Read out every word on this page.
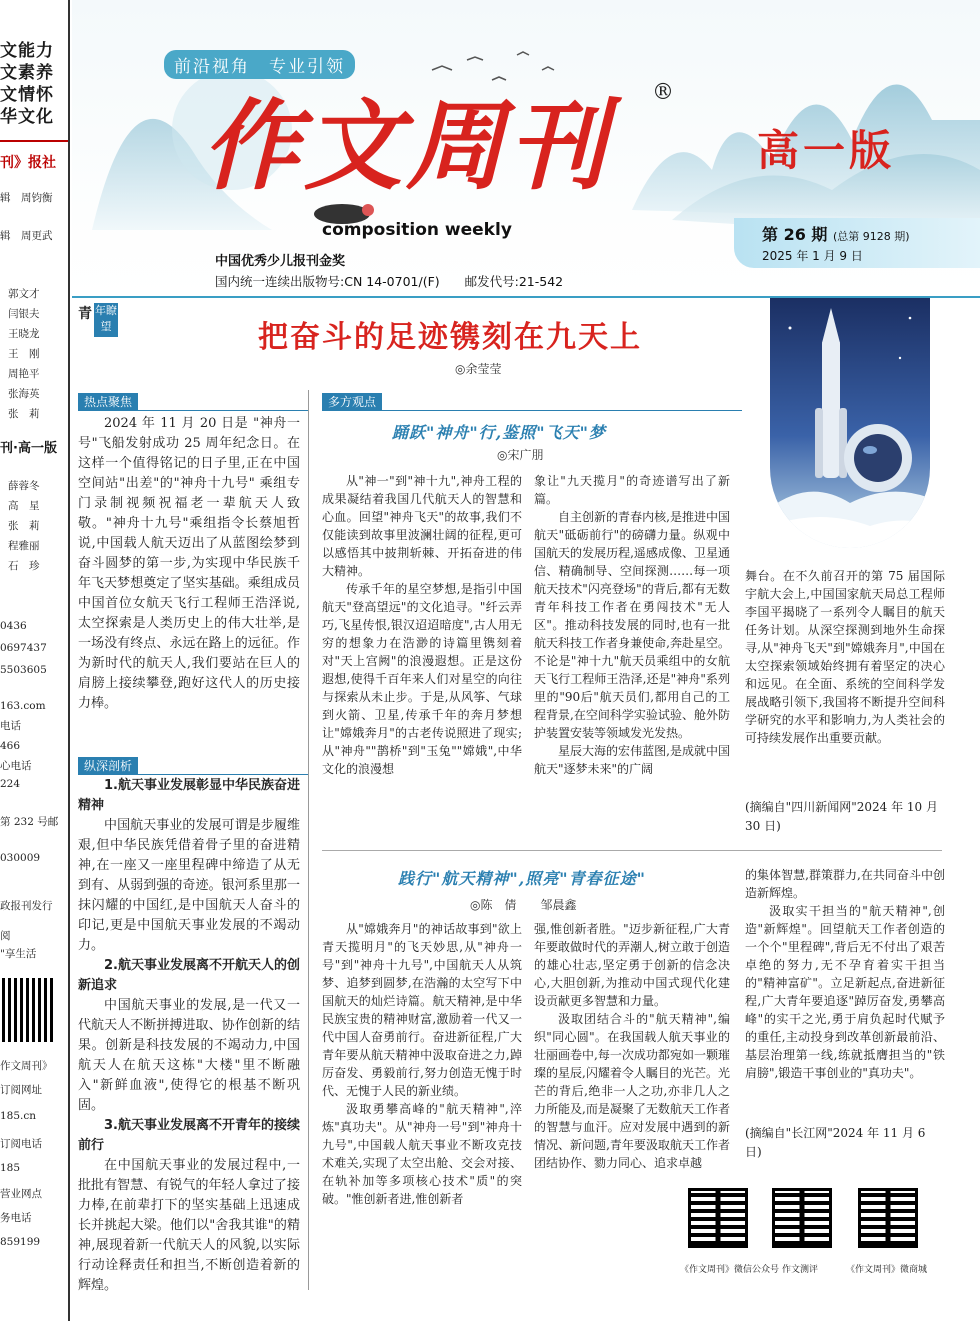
文能力
文素养
文情怀
华文化
刊》报社
辑　周钧衡
辑　周更武
0436
0697437
5503605
163.com
电话
466
心电话
224
第 232 号邮
030009
政报刊发行
阅
"享生活
作文周刊》
订阅网址
185.cn
订阅电话
185
营业网点
务电话
859199
郭文才
闫银夫
王晓龙
王　刚
周艳平
张海英
张　莉
刊·高一版
薛蓉冬
高　星
张　莉
程雅丽
石　珍
前沿视角　专业引领
作文周刊 ®
高一版
composition weekly
中国优秀少儿报刊金奖
国内统一连续出版物号:CN 14-0701/(F)　　邮发代号:21-542
第 26 期 (总第 9128 期)
2025 年 1 月 9 日
青 年瞭望	把奋斗的足迹镌刻在九天上
◎余莹莹
热点聚焦

2024 年 11 月 20 日是 "神舟一号"飞船发射成功 25 周年纪念日。在这样一个值得铭记的日子里,正在中国空间站"出差"的"神舟十九号" 乘组专门录制视频祝福老一辈航天人致敬。"神舟十九号"乘组指令长蔡旭哲说,中国载人航天迈出了从蓝图绘梦到奋斗圆梦的第一步,为实现中华民族千年飞天梦想奠定了坚实基础。乘组成员中国首位女航天飞行工程师王浩泽说,太空探索是人类历史上的伟大壮举,是一场没有终点、永远在路上的远征。作为新时代的航天人,我们要站在巨人的肩膀上接续攀登,跑好这代人的历史接力棒。

纵深剖析
1.航天事业发展彰显中华民族奋进精神

中国航天事业的发展可谓是步履维艰,但中华民族凭借着骨子里的奋进精神,在一座又一座里程碑中缔造了从无到有、从弱到强的奇迹。银河系里那一抹闪耀的中国红,是中国航天人奋斗的印记,更是中国航天事业发展的不竭动力。

2.航天事业发展离不开航天人的创新追求

中国航天事业的发展,是一代又一代航天人不断拼搏进取、协作创新的结果。创新是科技发展的不竭动力,中国航天人在航天这栋"大楼"里不断融入"新鲜血液",使得它的根基不断巩固。

3.航天事业发展离不开青年的接续前行

在中国航天事业的发展过程中,一批批有智慧、有锐气的年轻人拿过了接力棒,在前辈打下的坚实基础上迅速成长并挑起大梁。他们以"舍我其谁"的精神,展现着新一代航天人的风貌,以实际行动诠释责任和担当,不断创造着新的辉煌。

多方观点
踊跃"神舟"行,鉴照"飞天"梦
◎宋广朋

从"神一"到"神十九",神舟工程的成果凝结着我国几代航天人的智慧和心血。回望"神舟飞天"的故事,我们不仅能读到故事里波澜壮阔的征程,更可以感悟其中披荆斩棘、开拓奋进的伟大精神。

传承千年的星空梦想,是指引中国航天"登高望远"的文化追寻。"纤云弄巧,飞星传恨,银汉迢迢暗度",古人用无穷的想象力在浩渺的诗篇里镌刻着对"天上宫阙"的浪漫遐想。正是这份遐想,使得千百年来人们对星空的向往与探索从未止步。于是,从风筝、气球到火箭、卫星,传承千年的奔月梦想让"嫦娥奔月"的古老传说照进了现实;从"神舟""鹊桥"到"玉兔""嫦娥",中华文化的浪漫想

象让"九天揽月"的奇迹谱写出了新篇。

自主创新的青春内核,是推进中国航天"砥砺前行"的磅礴力量。纵观中国航天的发展历程,遥感成像、卫星通信、精确制导、空间探测……每一项航天技术"闪亮登场"的背后,都有无数青年科技工作者在勇闯技术"无人区"。推动科技发展的同时,也有一批航天科技工作者身兼使命,奔赴星空。不论是"神十九"航天员乘组中的女航天飞行工程师王浩泽,还是"神舟"系列里的"90后"航天员们,都用自己的工程背景,在空间科学实验试验、舱外防护装置安装等领域发光发热。

星辰大海的宏伟蓝图,是成就中国航天"逐梦未来"的广阔

舞台。在不久前召开的第 75 届国际宇航大会上,中国国家航天局总工程师李国平揭晓了一系列令人瞩目的航天任务计划。从深空探测到地外生命探寻,从"神舟飞天"到"嫦娥奔月",中国在太空探索领域始终拥有着坚定的决心和远见。在全面、系统的空间科学发展战略引领下,我国将不断提升空间科学研究的水平和影响力,为人类社会的可持续发展作出重要贡献。

(摘编自"四川新闻网"2024 年 10 月 30 日)
践行"航天精神",照亮"青春征途"
◎陈　倩　　邹晨鑫

从"嫦娥奔月"的神话故事到"欲上青天揽明月"的飞天妙思,从"神舟一号"到"神舟十九号",中国航天人从筑梦、追梦到圆梦,在浩瀚的太空写下中国航天的灿烂诗篇。航天精神,是中华民族宝贵的精神财富,激励着一代又一代中国人奋勇前行。奋进新征程,广大青年要从航天精神中汲取奋进之力,踔厉奋发、勇毅前行,努力创造无愧于时代、无愧于人民的新业绩。

汲取勇攀高峰的"航天精神",淬炼"真功夫"。从"神舟一号"到"神舟十九号",中国载人航天事业不断攻克技术难关,实现了太空出舱、交会对接、在轨补加等多项核心技术"质"的突破。"惟创新者进,惟创新者

强,惟创新者胜。"迈步新征程,广大青年要敢做时代的弄潮人,树立敢于创造的雄心壮志,坚定勇于创新的信念决心,大胆创新,为推动中国式现代化建设贡献更多智慧和力量。

汲取团结合斗的"航天精神",编织"同心圆"。在我国载人航天事业的壮丽画卷中,每一次成功都宛如一颗璀璨的星辰,闪耀着令人瞩目的光芒。光芒的背后,绝非一人之功,亦非几人之力所能及,而是凝聚了无数航天工作者的智慧与血汗。应对发展中遇到的新情况、新问题,青年要汲取航天工作者团结协作、勠力同心、追求卓越

的集体智慧,群策群力,在共同奋斗中创造新辉煌。

汲取实干担当的"航天精神",创造"新辉煌"。回望航天工作者创造的一个个"里程碑",背后无不付出了艰苦卓绝的努力,无不孕育着实干担当的"精神富矿"。立足新起点,奋进新征程,广大青年要追逐"踔厉奋发,勇攀高峰"的实干之光,勇于肩负起时代赋予的重任,主动投身到改革创新最前沿、基层治理第一线,练就抵膺担当的"铁肩膀",锻造干事创业的"真功夫"。

(摘编自"长江网"2024 年 11 月 6 日)
《作文周刊》微信公众号 作文测评	《作文周刊》微商城
